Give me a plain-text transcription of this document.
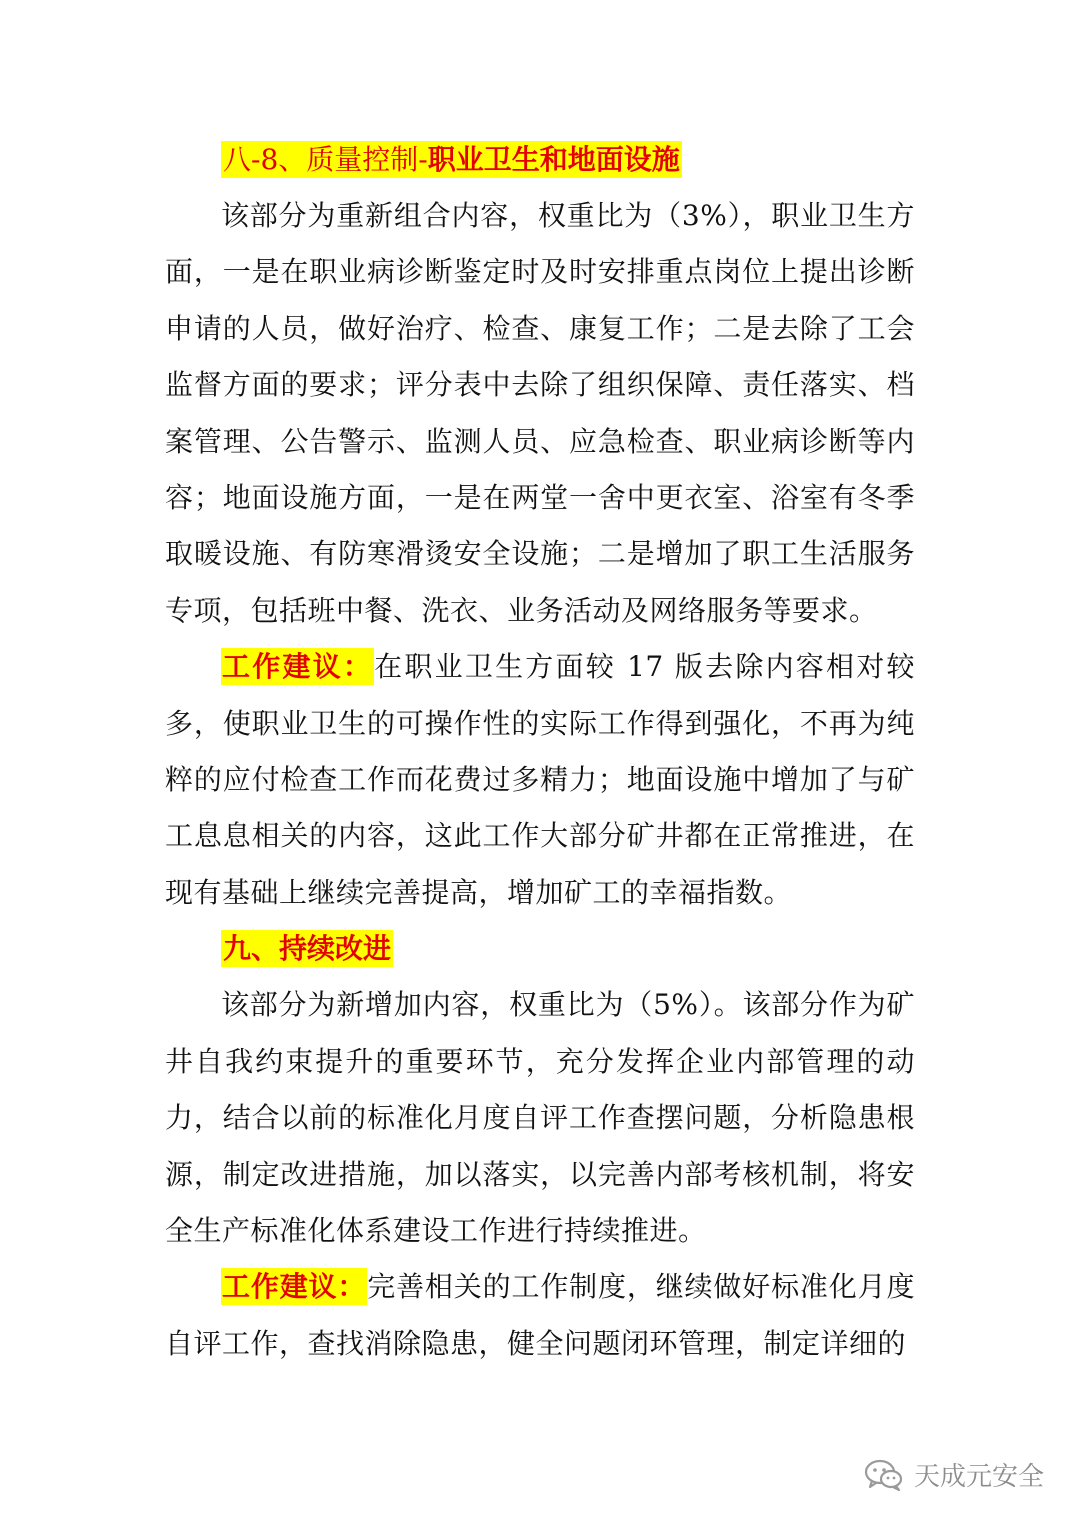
八-8、质量控制-职业卫生和地面设施

该部分为重新组合内容，权重比为（3%），职业卫生方面，一是在职业病诊断鉴定时及时安排重点岗位上提出诊断申请的人员，做好治疗、检查、康复工作；二是去除了工会监督方面的要求；评分表中去除了组织保障、责任落实、档案管理、公告警示、监测人员、应急检查、职业病诊断等内容；地面设施方面，一是在两堂一舍中更衣室、浴室有冬季取暖设施、有防寒滑烫安全设施；二是增加了职工生活服务专项，包括班中餐、洗衣、业务活动及网络服务等要求。

工作建议：在职业卫生方面较 17 版去除内容相对较多，使职业卫生的可操作性的实际工作得到强化，不再为纯粹的应付检查工作而花费过多精力；地面设施中增加了与矿工息息相关的内容，这此工作大部分矿井都在正常推进，在现有基础上继续完善提高，增加矿工的幸福指数。

九、持续改进

该部分为新增加内容，权重比为（5%）。该部分作为矿井自我约束提升的重要环节，充分发挥企业内部管理的动力，结合以前的标准化月度自评工作查摆问题，分析隐患根源，制定改进措施，加以落实，以完善内部考核机制，将安全生产标准化体系建设工作进行持续推进。

工作建议：完善相关的工作制度，继续做好标准化月度自评工作，查找消除隐患，健全问题闭环管理，制定详细的

天成元安全
